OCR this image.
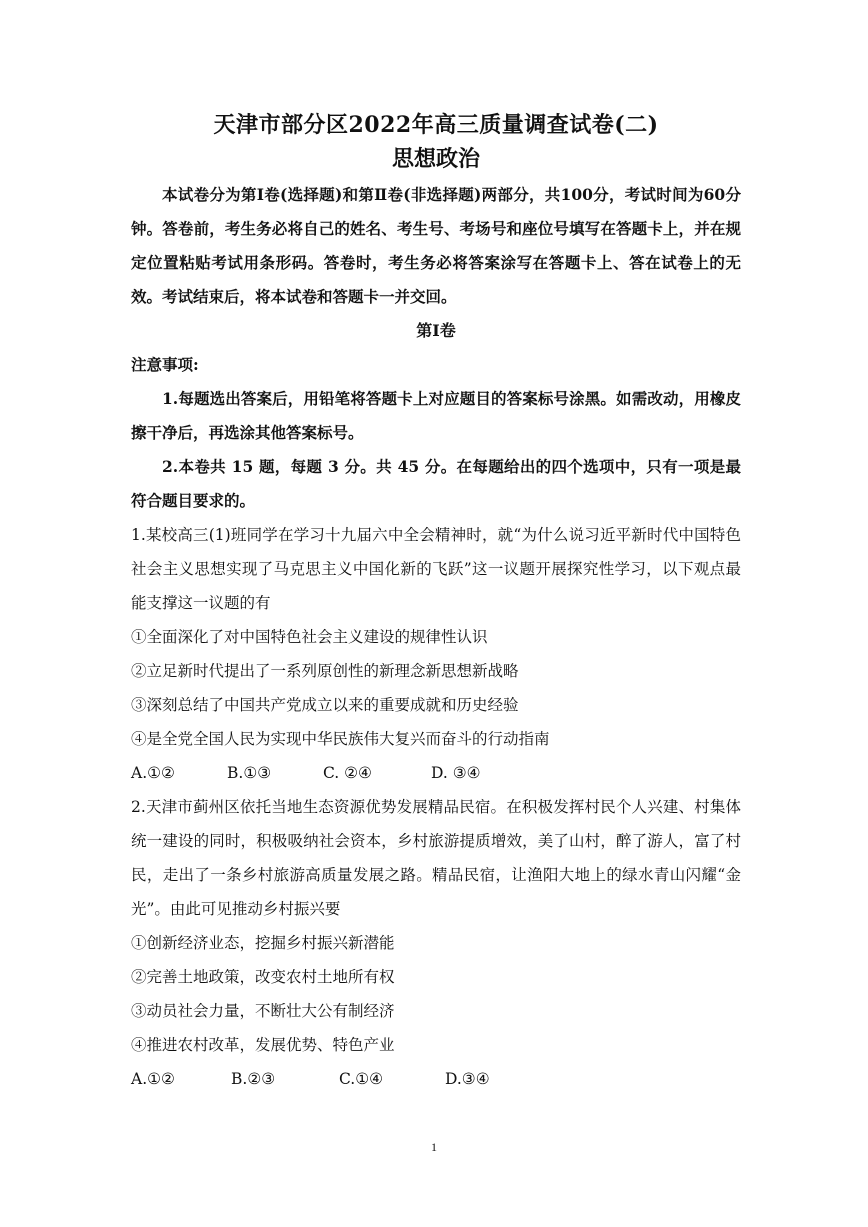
天津市部分区2022年高三质量调查试卷(二)
思想政治
本试卷分为第Ⅰ卷(选择题)和第Ⅱ卷(非选择题)两部分，共100分，考试时间为60分钟。答卷前，考生务必将自己的姓名、考生号、考场号和座位号填写在答题卡上，并在规定位置粘贴考试用条形码。答卷时，考生务必将答案涂写在答题卡上、答在试卷上的无效。考试结束后，将本试卷和答题卡一并交回。
第Ⅰ卷
注意事项:
1.每题选出答案后，用铅笔将答题卡上对应题目的答案标号涂黑。如需改动，用橡皮擦干净后，再选涂其他答案标号。
2.本卷共 15 题，每题 3 分。共 45 分。在每题给出的四个选项中，只有一项是最符合题目要求的。
1.某校高三(1)班同学在学习十九届六中全会精神时，就“为什么说习近平新时代中国特色社会主义思想实现了马克思主义中国化新的飞跃”这一议题开展探究性学习，以下观点最能支撑这一议题的有
①全面深化了对中国特色社会主义建设的规律性认识
②立足新时代提出了一系列原创性的新理念新思想新战略
③深刻总结了中国共产党成立以来的重要成就和历史经验
④是全党全国人民为实现中华民族伟大复兴而奋斗的行动指南
A.①②	B.①③	C. ②④	D. ③④
2.天津市蓟州区依托当地生态资源优势发展精品民宿。在积极发挥村民个人兴建、村集体统一建设的同时，积极吸纳社会资本，乡村旅游提质增效，美了山村，醉了游人，富了村民，走出了一条乡村旅游高质量发展之路。精品民宿，让渔阳大地上的绿水青山闪耀“金光”。由此可见推动乡村振兴要
①创新经济业态，挖掘乡村振兴新潜能
②完善土地政策，改变农村土地所有权
③动员社会力量，不断壮大公有制经济
④推进农村改革，发展优势、特色产业
A.①②	B.②③	C.①④	D.③④
1
